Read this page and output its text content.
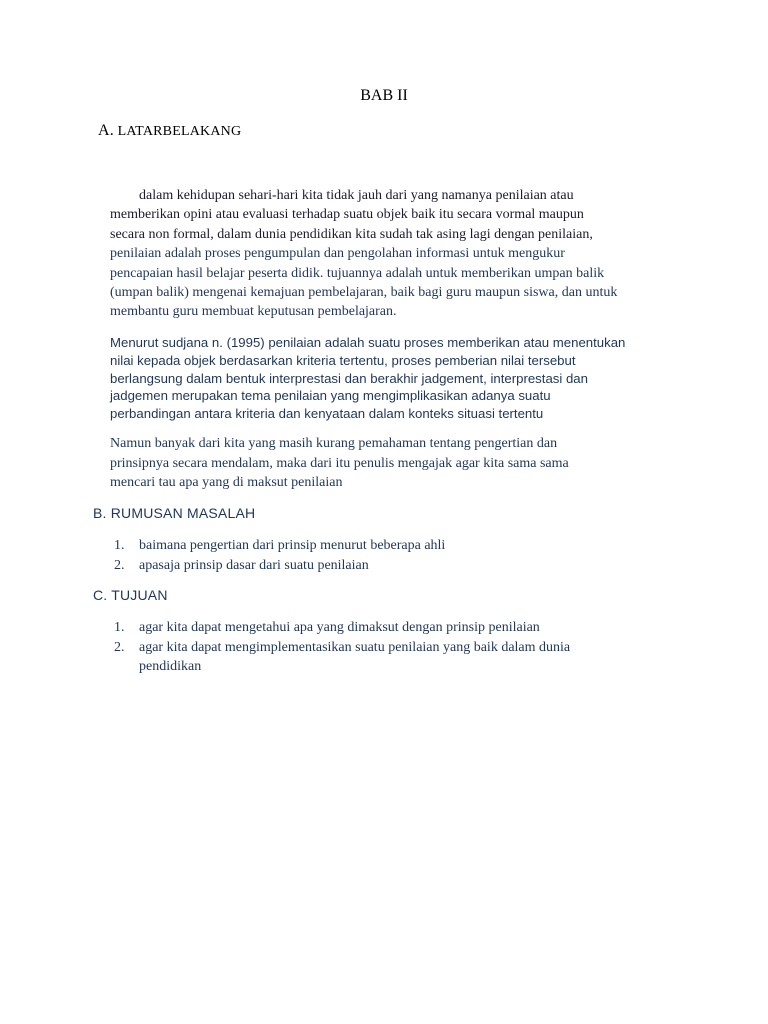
BAB II
A. LATARBELAKANG
dalam kehidupan sehari-hari kita tidak jauh dari yang namanya penilaian atau
memberikan opini atau evaluasi terhadap suatu objek baik itu secara vormal maupun
secara non formal, dalam dunia pendidikan kita sudah tak asing lagi dengan penilaian,
penilaian adalah proses pengumpulan dan pengolahan informasi untuk mengukur
pencapaian hasil belajar peserta didik. tujuannya adalah untuk memberikan umpan balik
(umpan balik) mengenai kemajuan pembelajaran, baik bagi guru maupun siswa, dan untuk
membantu guru membuat keputusan pembelajaran.
Menurut sudjana n. (1995) penilaian adalah suatu proses memberikan atau menentukan
nilai kepada objek berdasarkan kriteria tertentu, proses pemberian nilai tersebut
berlangsung dalam bentuk interprestasi dan berakhir jadgement, interprestasi dan
jadgemen merupakan tema penilaian yang mengimplikasikan adanya suatu
perbandingan antara kriteria dan kenyataan dalam konteks situasi tertentu
Namun banyak dari kita yang masih kurang pemahaman tentang pengertian dan
prinsipnya secara mendalam, maka dari itu penulis mengajak agar kita sama sama
mencari tau apa yang di maksut penilaian
B. RUMUSAN MASALAH
1. baimana pengertian dari prinsip menurut beberapa ahli
2. apasaja prinsip dasar dari suatu penilaian
C. TUJUAN
1. agar kita dapat mengetahui apa yang dimaksut dengan prinsip penilaian
2. agar kita dapat mengimplementasikan suatu penilaian yang baik dalam dunia
pendidikan
